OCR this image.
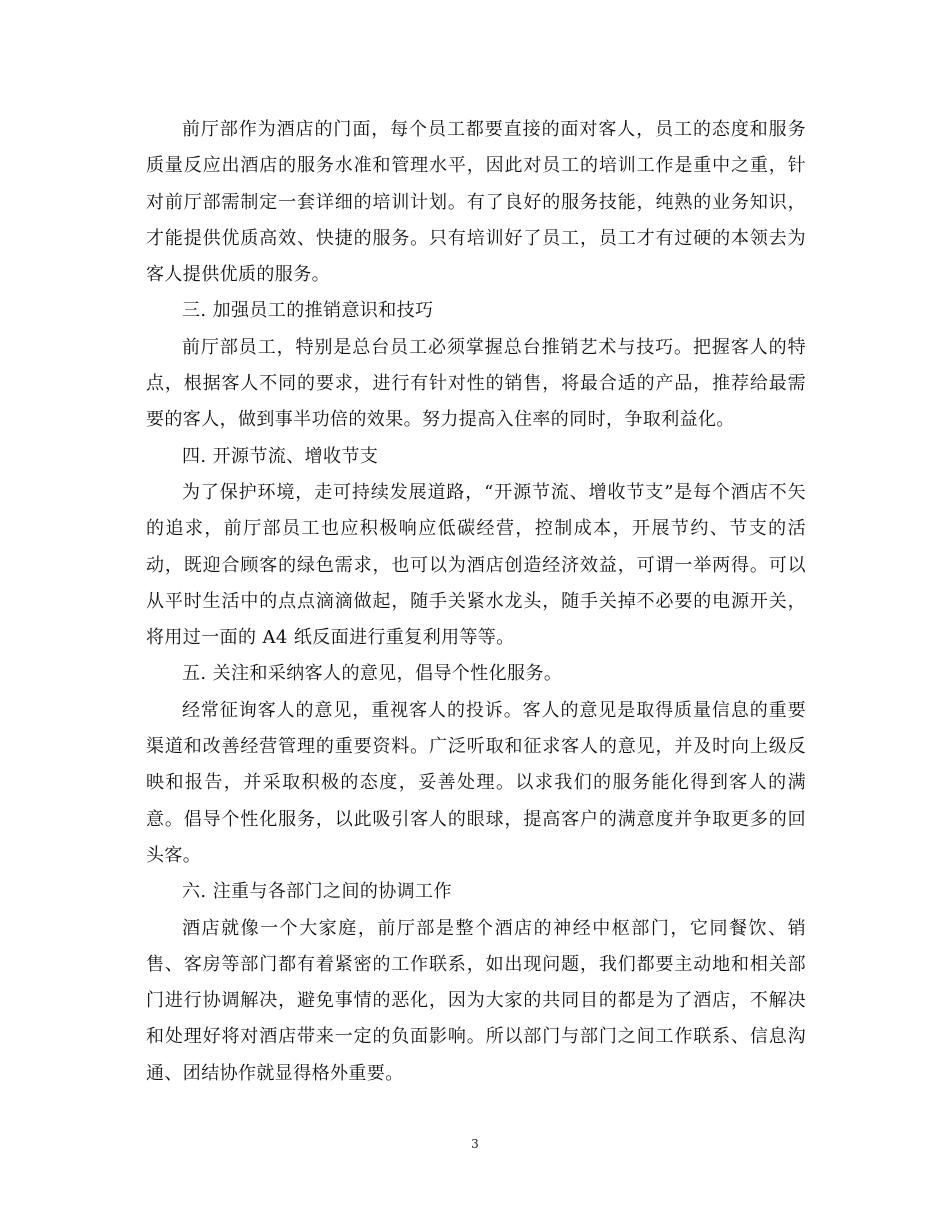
前厅部作为酒店的门面，每个员工都要直接的面对客人，员工的态度和服务质量反应出酒店的服务水准和管理水平，因此对员工的培训工作是重中之重，针对前厅部需制定一套详细的培训计划。有了良好的服务技能，纯熟的业务知识，才能提供优质高效、快捷的服务。只有培训好了员工，员工才有过硬的本领去为客人提供优质的服务。

三. 加强员工的推销意识和技巧

前厅部员工，特别是总台员工必须掌握总台推销艺术与技巧。把握客人的特点，根据客人不同的要求，进行有针对性的销售，将最合适的产品，推荐给最需要的客人，做到事半功倍的效果。努力提高入住率的同时，争取利益化。

四. 开源节流、增收节支

为了保护环境，走可持续发展道路，“开源节流、增收节支”是每个酒店不矢的追求，前厅部员工也应积极响应低碳经营，控制成本，开展节约、节支的活动，既迎合顾客的绿色需求，也可以为酒店创造经济效益，可谓一举两得。可以从平时生活中的点点滴滴做起，随手关紧水龙头，随手关掉不必要的电源开关，将用过一面的 A4 纸反面进行重复利用等等。

五. 关注和采纳客人的意见，倡导个性化服务。

经常征询客人的意见，重视客人的投诉。客人的意见是取得质量信息的重要渠道和改善经营管理的重要资料。广泛听取和征求客人的意见，并及时向上级反映和报告，并采取积极的态度，妥善处理。以求我们的服务能化得到客人的满意。倡导个性化服务，以此吸引客人的眼球，提高客户的满意度并争取更多的回头客。

六. 注重与各部门之间的协调工作

酒店就像一个大家庭，前厅部是整个酒店的神经中枢部门，它同餐饮、销售、客房等部门都有着紧密的工作联系，如出现问题，我们都要主动地和相关部门进行协调解决，避免事情的恶化，因为大家的共同目的都是为了酒店，不解决和处理好将对酒店带来一定的负面影响。所以部门与部门之间工作联系、信息沟通、团结协作就显得格外重要。

3
